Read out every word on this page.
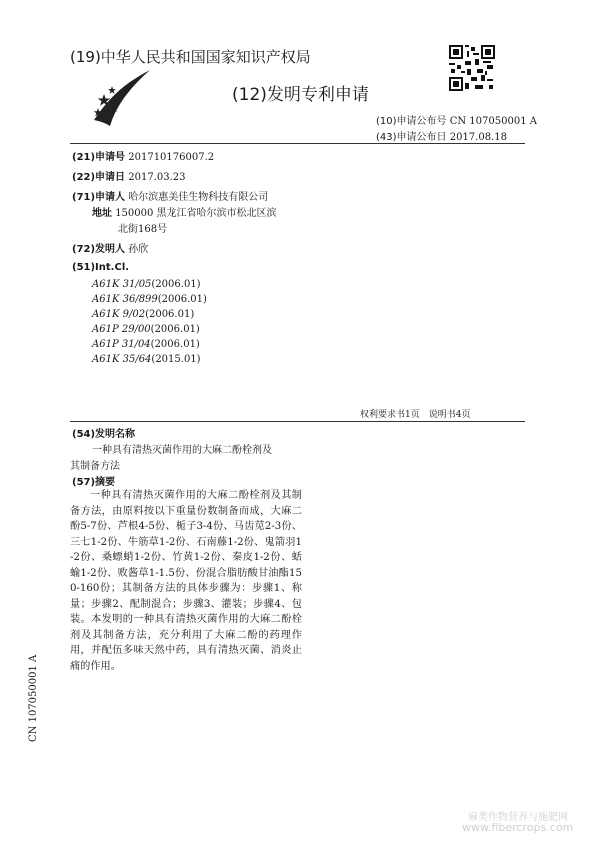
(19)中华人民共和国国家知识产权局
(12)发明专利申请
(10)申请公布号 CN 107050001 A
(43)申请公布日 2017.08.18
(21)申请号 201710176007.2
(22)申请日 2017.03.23
(71)申请人 哈尔滨惠美佳生物科技有限公司
地址 150000 黑龙江省哈尔滨市松北区滨
北街168号
(72)发明人 孙欣
(51)Int.Cl.
A61K 31/05(2006.01)
A61K 36/899(2006.01)
A61K 9/02(2006.01)
A61P 29/00(2006.01)
A61P 31/04(2006.01)
A61K 35/64(2015.01)
权利要求书1页　说明书4页
(54)发明名称
一种具有清热灭菌作用的大麻二酚栓剂及
其制备方法
(57)摘要
一种具有清热灭菌作用的大麻二酚栓剂及其制备方法，由原料按以下重量份数制备而成，大麻二酚5-7份、芦根4-5份、栀子3-4份、马齿苋2-3份、三七1-2份、牛筋草1-2份、石南藤1-2份、鬼箭羽1-2份、桑螵蛸1-2份、竹黄1-2份、秦皮1-2份、蛞蝓1-2份、败酱草1-1.5份、份混合脂肪酸甘油酯150-160份；其制备方法的具体步骤为：步骤1、称量；步骤2、配制混合；步骤3、灌装；步骤4、包装。本发明的一种具有清热灭菌作用的大麻二酚栓剂及其制备方法，充分利用了大麻二酚的药理作用，并配伍多味天然中药，具有清热灭菌、消炎止痛的作用。
CN 107050001 A
麻类作物营养与施肥网
www.fibercrops.com
